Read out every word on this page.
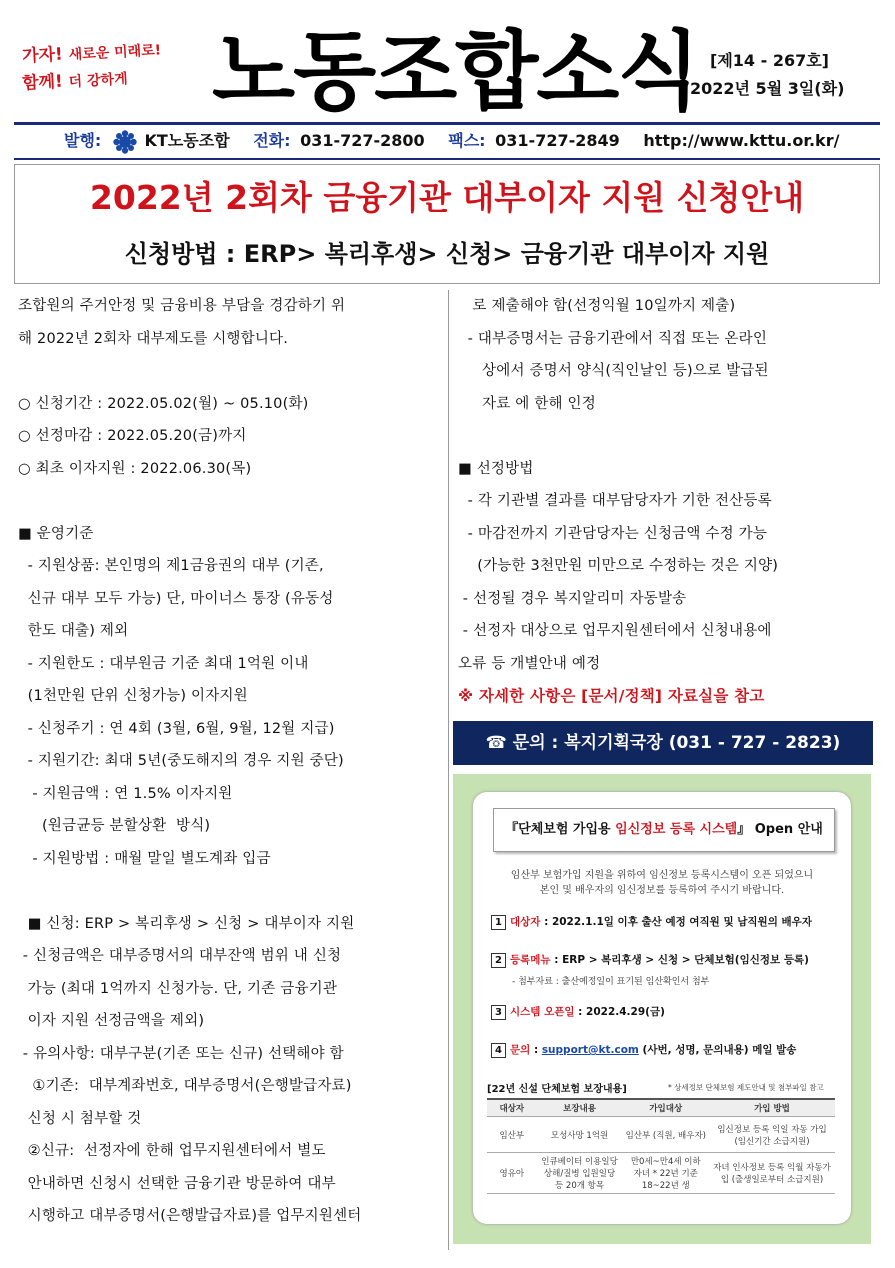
가자! 새로운 미래로!
함께! 더 강하게 노동조합소식 [제14 - 267호]
2022년 5월 3일(화)
발행:	KT노동조합 전화: 031-727-2800 팩스: 031-727-2849 http://www.kttu.or.kr/
2022년 2회차 금융기관 대부이자 지원 신청안내
신청방법 : ERP> 복리후생> 신청> 금융기관 대부이자 지원
조합원의 주거안정 및 금융비용 부담을 경감하기 위
해 2022년 2회차 대부제도를 시행합니다.
○ 신청기간 : 2022.05.02(월) ~ 05.10(화)
○ 선정마감 : 2022.05.20(금)까지
○ 최초 이자지원 : 2022.06.30(목)
■ 운영기준
- 지원상품: 본인명의 제1금융권의 대부 (기존,
신규 대부 모두 가능) 단, 마이너스 통장 (유동성
한도 대출) 제외
- 지원한도 : 대부원금 기준 최대 1억원 이내
(1천만원 단위 신청가능) 이자지원
- 신청주기 : 연 4회 (3월, 6월, 9월, 12월 지급)
- 지원기간: 최대 5년(중도해지의 경우 지원 중단)
- 지원금액 : 연 1.5% 이자지원
(원금균등 분할상환  방식)
- 지원방법 : 매월 말일 별도계좌 입금
■ 신청: ERP > 복리후생 > 신청 > 대부이자 지원
- 신청금액은 대부증명서의 대부잔액 범위 내 신청
가능 (최대 1억까지 신청가능. 단, 기존 금융기관
이자 지원 선정금액을 제외)
- 유의사항: 대부구분(기존 또는 신규) 선택해야 함
①기존:  대부계좌번호, 대부증명서(은행발급자료)
신청 시 첨부할 것
②신규:  선정자에 한해 업무지원센터에서 별도
안내하면 신청시 선택한 금융기관 방문하여 대부
시행하고 대부증명서(은행발급자료)를 업무지원센터
로 제출해야 함(선정익월 10일까지 제출)
- 대부증명서는 금융기관에서 직접 또는 온라인
상에서 증명서 양식(직인날인 등)으로 발급된
자료 에 한해 인정
■ 선정방법
- 각 기관별 결과를 대부담당자가 기한 전산등록
- 마감전까지 기관담당자는 신청금액 수정 가능
(가능한 3천만원 미만으로 수정하는 것은 지양)
- 선정될 경우 복지알리미 자동발송
- 선정자 대상으로 업무지원센터에서 신청내용에
오류 등 개별안내 예정
※ 자세한 사항은 [문서/정책] 자료실을 참고
☎ 문의 : 복지기획국장 (031 - 727 - 2823)
『단체보험 가입용 임신정보 등록 시스템』 Open 안내
임산부 보험가입 지원을 위하여 임신정보 등록시스템이 오픈 되었으니
본인 및 배우자의 임신정보를 등록하여 주시기 바랍니다.
1 대상자 : 2022.1.1일 이후 출산 예정 여직원 및 남직원의 배우자
2 등록메뉴 : ERP > 복리후생 > 신청 > 단체보험(임신정보 등록)
- 첨부자료 : 출산예정일이 표기된 임산확인서 첨부
3 시스템 오픈일 : 2022.4.29(금)
4 문의 : support@kt.com (사번, 성명, 문의내용) 메일 발송
[22년 신설 단체보험 보장내용]	* 상세정보 단체보험 제도안내 및 첨부파일 참고
대상자	보장내용	가입대상	가입 방법
임산부	모성사망 1억원	임산부 (직원, 배우자)	임신정보 등록 익일 자동 가입 (임신기간 소급지원)
영유아	인큐베이터 이용일당 상해/질병 입원일당 등 20개 항목	만0세~만4세 이하 자녀 * 22년 기준 18~22년 생	자녀 인사정보 등록 익월 자동가입 (출생일로부터 소급지원)
